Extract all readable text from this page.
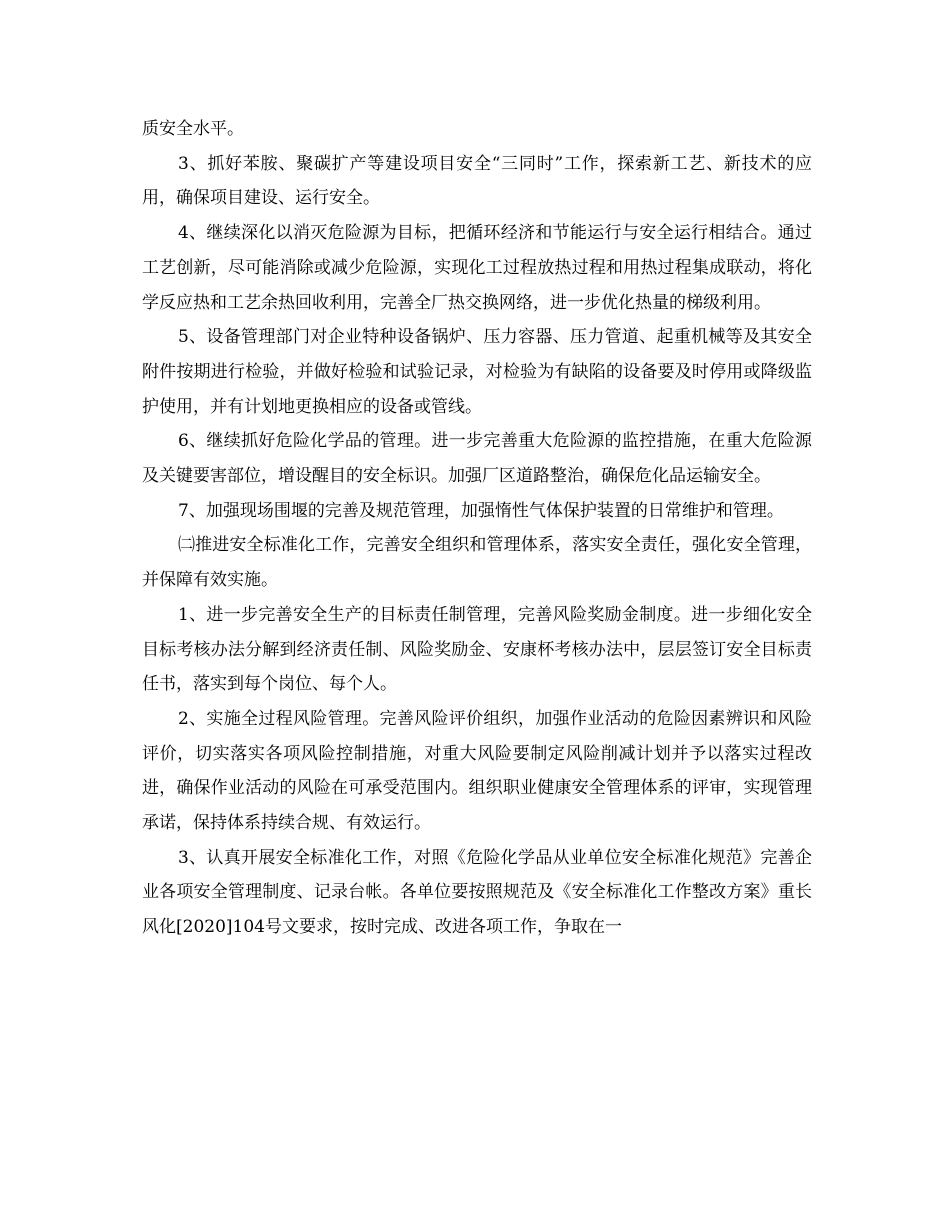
质安全水平。

3、抓好苯胺、聚碳扩产等建设项目安全“三同时”工作，探索新工艺、新技术的应用，确保项目建设、运行安全。

4、继续深化以消灭危险源为目标，把循环经济和节能运行与安全运行相结合。通过工艺创新，尽可能消除或减少危险源，实现化工过程放热过程和用热过程集成联动，将化学反应热和工艺余热回收利用，完善全厂热交换网络，进一步优化热量的梯级利用。

5、设备管理部门对企业特种设备锅炉、压力容器、压力管道、起重机械等及其安全附件按期进行检验，并做好检验和试验记录，对检验为有缺陷的设备要及时停用或降级监护使用，并有计划地更换相应的设备或管线。

6、继续抓好危险化学品的管理。进一步完善重大危险源的监控措施，在重大危险源及关键要害部位，增设醒目的安全标识。加强厂区道路整治，确保危化品运输安全。

7、加强现场围堰的完善及规范管理，加强惰性气体保护装置的日常维护和管理。

㈡推进安全标准化工作，完善安全组织和管理体系，落实安全责任，强化安全管理，并保障有效实施。

1、进一步完善安全生产的目标责任制管理，完善风险奖励金制度。进一步细化安全目标考核办法分解到经济责任制、风险奖励金、安康杯考核办法中，层层签订安全目标责任书，落实到每个岗位、每个人。

2、实施全过程风险管理。完善风险评价组织，加强作业活动的危险因素辨识和风险评价，切实落实各项风险控制措施，对重大风险要制定风险削减计划并予以落实过程改进，确保作业活动的风险在可承受范围内。组织职业健康安全管理体系的评审，实现管理承诺，保持体系持续合规、有效运行。

3、认真开展安全标准化工作，对照《危险化学品从业单位安全标准化规范》完善企业各项安全管理制度、记录台帐。各单位要按照规范及《安全标准化工作整改方案》重长风化[2020]104号文要求，按时完成、改进各项工作，争取在一
